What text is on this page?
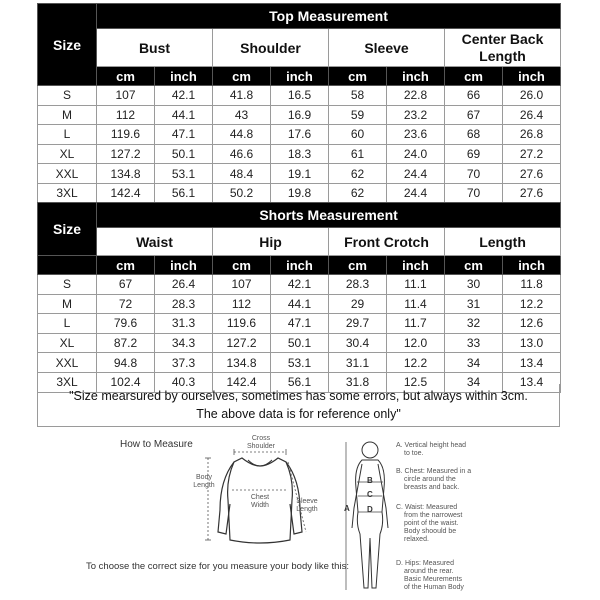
Size	Top Measurement							
	Bust		Shoulder		Sleeve		Center Back Length	
	cm	inch	cm	inch	cm	inch	cm	inch
S	107	42.1	41.8	16.5	58	22.8	66	26.0
M	112	44.1	43	16.9	59	23.2	67	26.4
L	119.6	47.1	44.8	17.6	60	23.6	68	26.8
XL	127.2	50.1	46.6	18.3	61	24.0	69	27.2
XXL	134.8	53.1	48.4	19.1	62	24.4	70	27.6
3XL	142.4	56.1	50.2	19.8	62	24.4	70	27.6
Size	Shorts Measurement							
	Waist		Hip		Front Crotch		Length	
	cm	inch	cm	inch	cm	inch	cm	inch
S	67	26.4	107	42.1	28.3	11.1	30	11.8
M	72	28.3	112	44.1	29	11.4	31	12.2
L	79.6	31.3	119.6	47.1	29.7	11.7	32	12.6
XL	87.2	34.3	127.2	50.1	30.4	12.0	33	13.0
XXL	94.8	37.3	134.8	53.1	31.1	12.2	34	13.4
3XL	102.4	40.3	142.4	56.1	31.8	12.5	34	13.4
"Size mearsured by ourselves, sometimes has some errors, but always within 3cm.
The above data is for reference only"
How to Measure
Cross
Shoulder
Body
Length
Chest
Width
Sleeve
Length
To choose the correct size for you measure your body like this:
A
B
C
D
A. Vertical height head
to toe.
B. Chest: Measured in a
circle around the
breasts and back.
C. Waist: Measured
from the narrowest
point of the waist.
Body shoould be
relaxed.
D. Hips: Measured
around the rear.
Basic Meurements
of the Human Body
